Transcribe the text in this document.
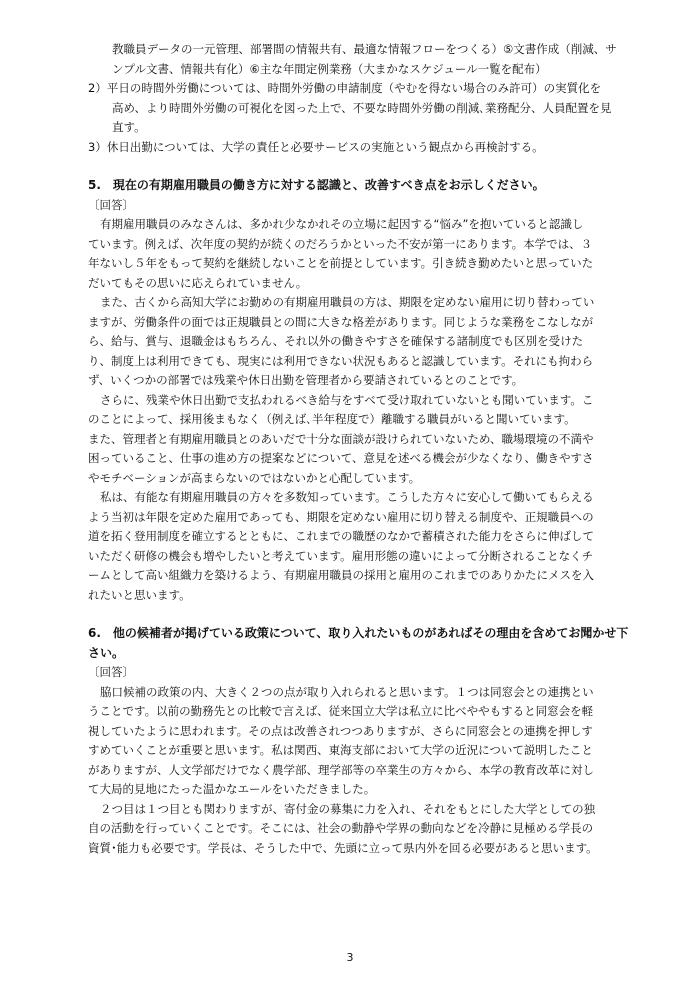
教職員データの一元管理、部署間の情報共有、最適な情報フローをつくる）⑤文書作成（削減、サ

ンプル文書、情報共有化）⑥主な年間定例業務（大まかなスケジュール一覧を配布）

2）平日の時間外労働については、時間外労働の申請制度（やむを得ない場合のみ許可）の実質化を

高め、より時間外労働の可視化を図った上で、不要な時間外労働の削減､業務配分、人員配置を見

直す。

3）休日出勤については、大学の責任と必要サービスの実施という観点から再検討する。

5.　現在の有期雇用職員の働き方に対する認識と、改善すべき点をお示しください。

〔回答〕

有期雇用職員のみなさんは、多かれ少なかれその立場に起因する“悩み”を抱いていると認識し

ています。例えば、次年度の契約が続くのだろうかといった不安が第一にあります。本学では、３

年ないし５年をもって契約を継続しないことを前提としています。引き続き勤めたいと思っていた

だいてもその思いに応えられていません。

また、古くから高知大学にお勤めの有期雇用職員の方は、期限を定めない雇用に切り替わってい

ますが、労働条件の面では正規職員との間に大きな格差があります。同じような業務をこなしなが

ら、給与、賞与、退職金はもちろん、それ以外の働きやすさを確保する諸制度でも区別を受けた

り、制度上は利用できても、現実には利用できない状況もあると認識しています。それにも拘わら

ず、いくつかの部署では残業や休日出勤を管理者から要請されているとのことです。

さらに、残業や休日出勤で支払われるべき給与をすべて受け取れていないとも聞いています。こ

のことによって、採用後まもなく（例えば､半年程度で）離職する職員がいると聞いています。

また、管理者と有期雇用職員とのあいだで十分な面談が設けられていないため、職場環境の不満や

困っていること、仕事の進め方の提案などについて、意見を述べる機会が少なくなり、働きやすさ

やモチベーションが高まらないのではないかと心配しています。

私は、有能な有期雇用職員の方々を多数知っています。こうした方々に安心して働いてもらえる

よう当初は年限を定めた雇用であっても、期限を定めない雇用に切り替える制度や、正規職員への

道を拓く登用制度を確立するとともに、これまでの職歴のなかで蓄積された能力をさらに伸ばして

いただく研修の機会も増やしたいと考えています。雇用形態の違いによって分断されることなくチ

ームとして高い組織力を築けるよう、有期雇用職員の採用と雇用のこれまでのありかたにメスを入

れたいと思います。

6.　他の候補者が掲げている政策について、取り入れたいものがあればその理由を含めてお聞かせ下

さい。

〔回答〕

脇口候補の政策の内、大きく２つの点が取り入れられると思います。１つは同窓会との連携とい

うことです。以前の勤務先との比較で言えば、従来国立大学は私立に比べややもすると同窓会を軽

視していたように思われます。その点は改善されつつありますが、さらに同窓会との連携を押しす

すめていくことが重要と思います。私は関西、東海支部において大学の近況について説明したこと

がありますが、人文学部だけでなく農学部、理学部等の卒業生の方々から、本学の教育改革に対し

て大局的見地にたった温かなエールをいただきました。

２つ目は１つ目とも関わりますが、寄付金の募集に力を入れ、それをもとにした大学としての独

自の活動を行っていくことです。そこには、社会の動静や学界の動向などを冷静に見極める学長の

資質･能力も必要です。学長は、そうした中で、先頭に立って県内外を回る必要があると思います。

3
